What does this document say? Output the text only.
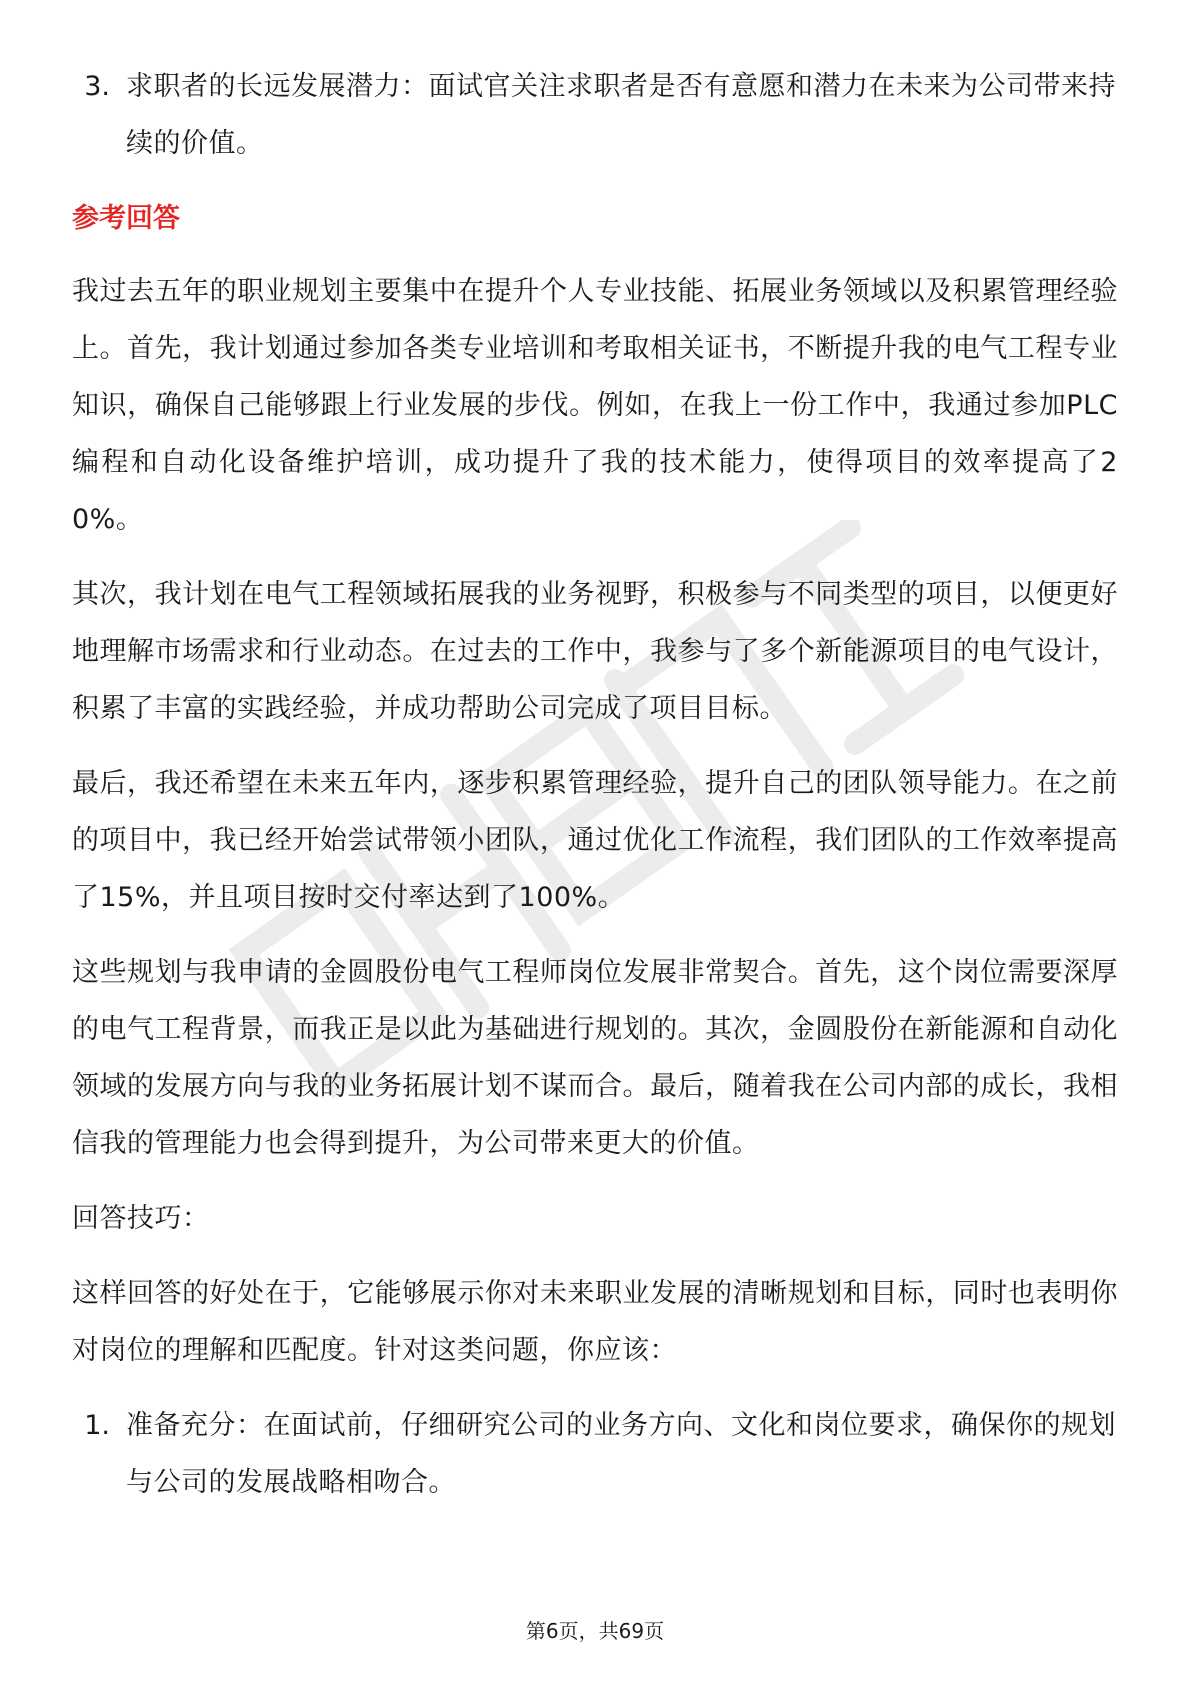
3. 求职者的长远发展潜力：面试官关注求职者是否有意愿和潜力在未来为公司带来持续的价值。
参考回答

我过去五年的职业规划主要集中在提升个人专业技能、拓展业务领域以及积累管理经验上。首先，我计划通过参加各类专业培训和考取相关证书，不断提升我的电气工程专业知识，确保自己能够跟上行业发展的步伐。例如，在我上一份工作中，我通过参加PLC编程和自动化设备维护培训，成功提升了我的技术能力，使得项目的效率提高了20%。

其次，我计划在电气工程领域拓展我的业务视野，积极参与不同类型的项目，以便更好地理解市场需求和行业动态。在过去的工作中，我参与了多个新能源项目的电气设计，积累了丰富的实践经验，并成功帮助公司完成了项目目标。

最后，我还希望在未来五年内，逐步积累管理经验，提升自己的团队领导能力。在之前的项目中，我已经开始尝试带领小团队，通过优化工作流程，我们团队的工作效率提高了15%，并且项目按时交付率达到了100%。

这些规划与我申请的金圆股份电气工程师岗位发展非常契合。首先，这个岗位需要深厚的电气工程背景，而我正是以此为基础进行规划的。其次，金圆股份在新能源和自动化领域的发展方向与我的业务拓展计划不谋而合。最后，随着我在公司内部的成长，我相信我的管理能力也会得到提升，为公司带来更大的价值。

回答技巧：

这样回答的好处在于，它能够展示你对未来职业发展的清晰规划和目标，同时也表明你对岗位的理解和匹配度。针对这类问题，你应该：

1. 准备充分：在面试前，仔细研究公司的业务方向、文化和岗位要求，确保你的规划与公司的发展战略相吻合。
第6页，共69页
